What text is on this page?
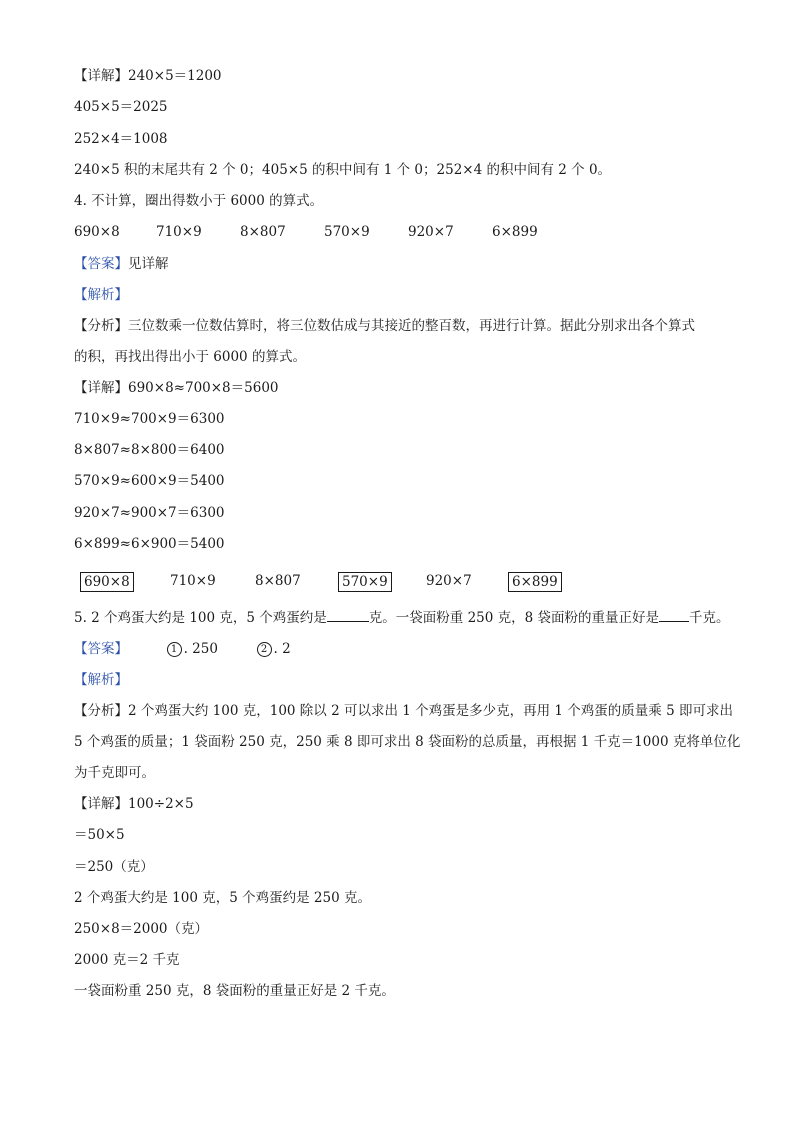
【详解】240×5＝1200
405×5＝2025
252×4＝1008
240×5 积的末尾共有 2 个 0；405×5 的积中间有 1 个 0；252×4 的积中间有 2 个 0。
4. 不计算，圈出得数小于 6000 的算式。
690×8	710×9	8×807	570×9	920×7	6×899
【答案】见详解
【解析】
【分析】三位数乘一位数估算时，将三位数估成与其接近的整百数，再进行计算。据此分别求出各个算式
的积，再找出得出小于 6000 的算式。
【详解】690×8≈700×8＝5600
710×9≈700×9＝6300
8×807≈8×800＝6400
570×9≈600×9＝5400
920×7≈900×7＝6300
6×899≈6×900＝5400
690×8	710×9	8×807	570×9	920×7	6×899
5. 2 个鸡蛋大约是 100 克，5 个鸡蛋约是	克。一袋面粉重 250 克，8 袋面粉的重量正好是 千克。
【答案】	1 . 250	2 . 2
【解析】
【分析】2 个鸡蛋大约 100 克，100 除以 2 可以求出 1 个鸡蛋是多少克，再用 1 个鸡蛋的质量乘 5 即可求出
5 个鸡蛋的质量；1 袋面粉 250 克，250 乘 8 即可求出 8 袋面粉的总质量，再根据 1 千克＝1000 克将单位化
为千克即可。
【详解】100÷2×5
＝50×5
＝250（克）
2 个鸡蛋大约是 100 克，5 个鸡蛋约是 250 克。
250×8＝2000（克）
2000 克＝2 千克
一袋面粉重 250 克，8 袋面粉的重量正好是 2 千克。
